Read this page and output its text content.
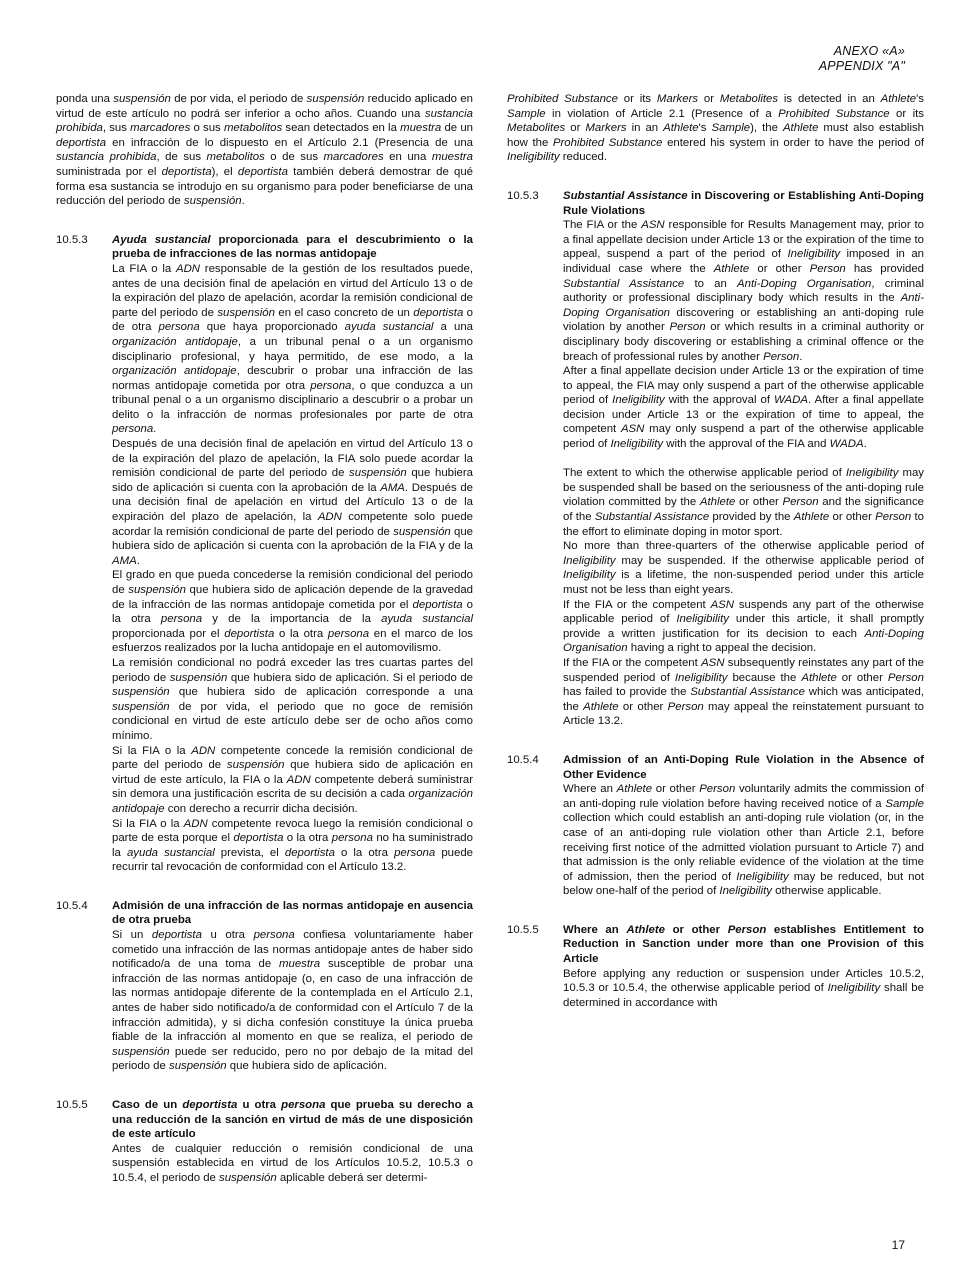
ANEXO «A»
APPENDIX "A"

ponda una suspensión de por vida, el periodo de suspensión reducido aplicado en virtud de este artículo no podrá ser inferior a ocho años. Cuando una sustancia prohibida, sus marcadores o sus metabolitos sean detectados en la muestra de un deportista en infracción de lo dispuesto en el Artículo 2.1 (Presencia de una sustancia prohibida, de sus metabolitos o de sus marcadores en una muestra suministrada por el deportista), el deportista también deberá demostrar de qué forma esa sustancia se introdujo en su organismo para poder beneficiarse de una reducción del periodo de suspensión.

10.5.3	Ayuda sustancial proporcionada para el descubrimiento o la prueba de infracciones de las normas antidopaje

La FIA o la ADN responsable de la gestión de los resultados puede, antes de una decisión final de apelación en virtud del Artículo 13 o de la expiración del plazo de apelación, acordar la remisión condicional de parte del periodo de suspensión en el caso concreto de un deportista o de otra persona que haya proporcionado ayuda sustancial a una organización antidopaje, a un tribunal penal o a un organismo disciplinario profesional, y haya permitido, de ese modo, a la organización antidopaje, descubrir o probar una infracción de las normas antidopaje cometida por otra persona, o que conduzca a un tribunal penal o a un organismo disciplinario a descubrir o a probar un delito o la infracción de normas profesionales por parte de otra persona.

Después de una decisión final de apelación en virtud del Artículo 13 o de la expiración del plazo de apelación, la FIA solo puede acordar la remisión condicional de parte del periodo de suspensión que hubiera sido de aplicación si cuenta con la aprobación de la AMA. Después de una decisión final de apelación en virtud del Artículo 13 o de la expiración del plazo de apelación, la ADN competente solo puede acordar la remisión condicional de parte del periodo de suspensión que hubiera sido de aplicación si cuenta con la aprobación de la FIA y de la AMA.

El grado en que pueda concederse la remisión condicional del periodo de suspensión que hubiera sido de aplicación depende de la gravedad de la infracción de las normas antidopaje cometida por el deportista o la otra persona y de la importancia de la ayuda sustancial proporcionada por el deportista o la otra persona en el marco de los esfuerzos realizados por la lucha antidopaje en el automovilismo.

La remisión condicional no podrá exceder las tres cuartas partes del periodo de suspensión que hubiera sido de aplicación. Si el periodo de suspensión que hubiera sido de aplicación corresponde a una suspensión de por vida, el periodo que no goce de remisión condicional en virtud de este artículo debe ser de ocho años como mínimo.

Si la FIA o la ADN competente concede la remisión condicional de parte del periodo de suspensión que hubiera sido de aplicación en virtud de este artículo, la FIA o la ADN competente deberá suministrar sin demora una justificación escrita de su decisión a cada organización antidopaje con derecho a recurrir dicha decisión.

Si la FIA o la ADN competente revoca luego la remisión condicional o parte de esta porque el deportista o la otra persona no ha suministrado la ayuda sustancial prevista, el deportista o la otra persona puede recurrir tal revocación de conformidad con el Artículo 13.2.

10.5.4	Admisión de una infracción de las normas antidopaje en ausencia de otra prueba

Si un deportista u otra persona confiesa voluntariamente haber cometido una infracción de las normas antidopaje antes de haber sido notificado/a de una toma de muestra susceptible de probar una infracción de las normas antidopaje (o, en caso de una infracción de las normas antidopaje diferente de la contemplada en el Artículo 2.1, antes de haber sido notificado/a de conformidad con el Artículo 7 de la infracción admitida), y si dicha confesión constituye la única prueba fiable de la infracción al momento en que se realiza, el periodo de suspensión puede ser reducido, pero no por debajo de la mitad del periodo de suspensión que hubiera sido de aplicación.

10.5.5	Caso de un deportista u otra persona que prueba su derecho a una reducción de la sanción en virtud de más de une disposición de este artículo

Antes de cualquier reducción o remisión condicional de una suspensión establecida en virtud de los Artículos 10.5.2, 10.5.3 o 10.5.4, el periodo de suspensión aplicable deberá ser determi-

Prohibited Substance or its Markers or Metabolites is detected in an Athlete's Sample in violation of Article 2.1 (Presence of a Prohibited Substance or its Metabolites or Markers in an Athlete's Sample), the Athlete must also establish how the Prohibited Substance entered his system in order to have the period of Ineligibility reduced.

10.5.3	Substantial Assistance in Discovering or Establishing Anti-Doping Rule Violations

The FIA or the ASN responsible for Results Management may, prior to a final appellate decision under Article 13 or the expiration of the time to appeal, suspend a part of the period of Ineligibility imposed in an individual case where the Athlete or other Person has provided Substantial Assistance to an Anti-Doping Organisation, criminal authority or professional disciplinary body which results in the Anti-Doping Organisation discovering or establishing an anti-doping rule violation by another Person or which results in a criminal authority or disciplinary body discovering or establishing a criminal offence or the breach of professional rules by another Person.

After a final appellate decision under Article 13 or the expiration of time to appeal, the FIA may only suspend a part of the otherwise applicable period of Ineligibility with the approval of WADA. After a final appellate decision under Article 13 or the expiration of time to appeal, the competent ASN may only suspend a part of the otherwise applicable period of Ineligibility with the approval of the FIA and WADA.

The extent to which the otherwise applicable period of Ineligibility may be suspended shall be based on the seriousness of the anti-doping rule violation committed by the Athlete or other Person and the significance of the Substantial Assistance provided by the Athlete or other Person to the effort to eliminate doping in motor sport.

No more than three-quarters of the otherwise applicable period of Ineligibility may be suspended. If the otherwise applicable period of Ineligibility is a lifetime, the non-suspended period under this article must not be less than eight years.

If the FIA or the competent ASN suspends any part of the otherwise applicable period of Ineligibility under this article, it shall promptly provide a written justification for its decision to each Anti-Doping Organisation having a right to appeal the decision.

If the FIA or the competent ASN subsequently reinstates any part of the suspended period of Ineligibility because the Athlete or other Person has failed to provide the Substantial Assistance which was anticipated, the Athlete or other Person may appeal the reinstatement pursuant to Article 13.2.

10.5.4	Admission of an Anti-Doping Rule Violation in the Absence of Other Evidence

Where an Athlete or other Person voluntarily admits the commission of an anti-doping rule violation before having received notice of a Sample collection which could establish an anti-doping rule violation (or, in the case of an anti-doping rule violation other than Article 2.1, before receiving first notice of the admitted violation pursuant to Article 7) and that admission is the only reliable evidence of the violation at the time of admission, then the period of Ineligibility may be reduced, but not below one-half of the period of Ineligibility otherwise applicable.

10.5.5	Where an Athlete or other Person establishes Entitlement to Reduction in Sanction under more than one Provision of this Article

Before applying any reduction or suspension under Articles 10.5.2, 10.5.3 or 10.5.4, the otherwise applicable period of Ineligibility shall be determined in accordance with

17
